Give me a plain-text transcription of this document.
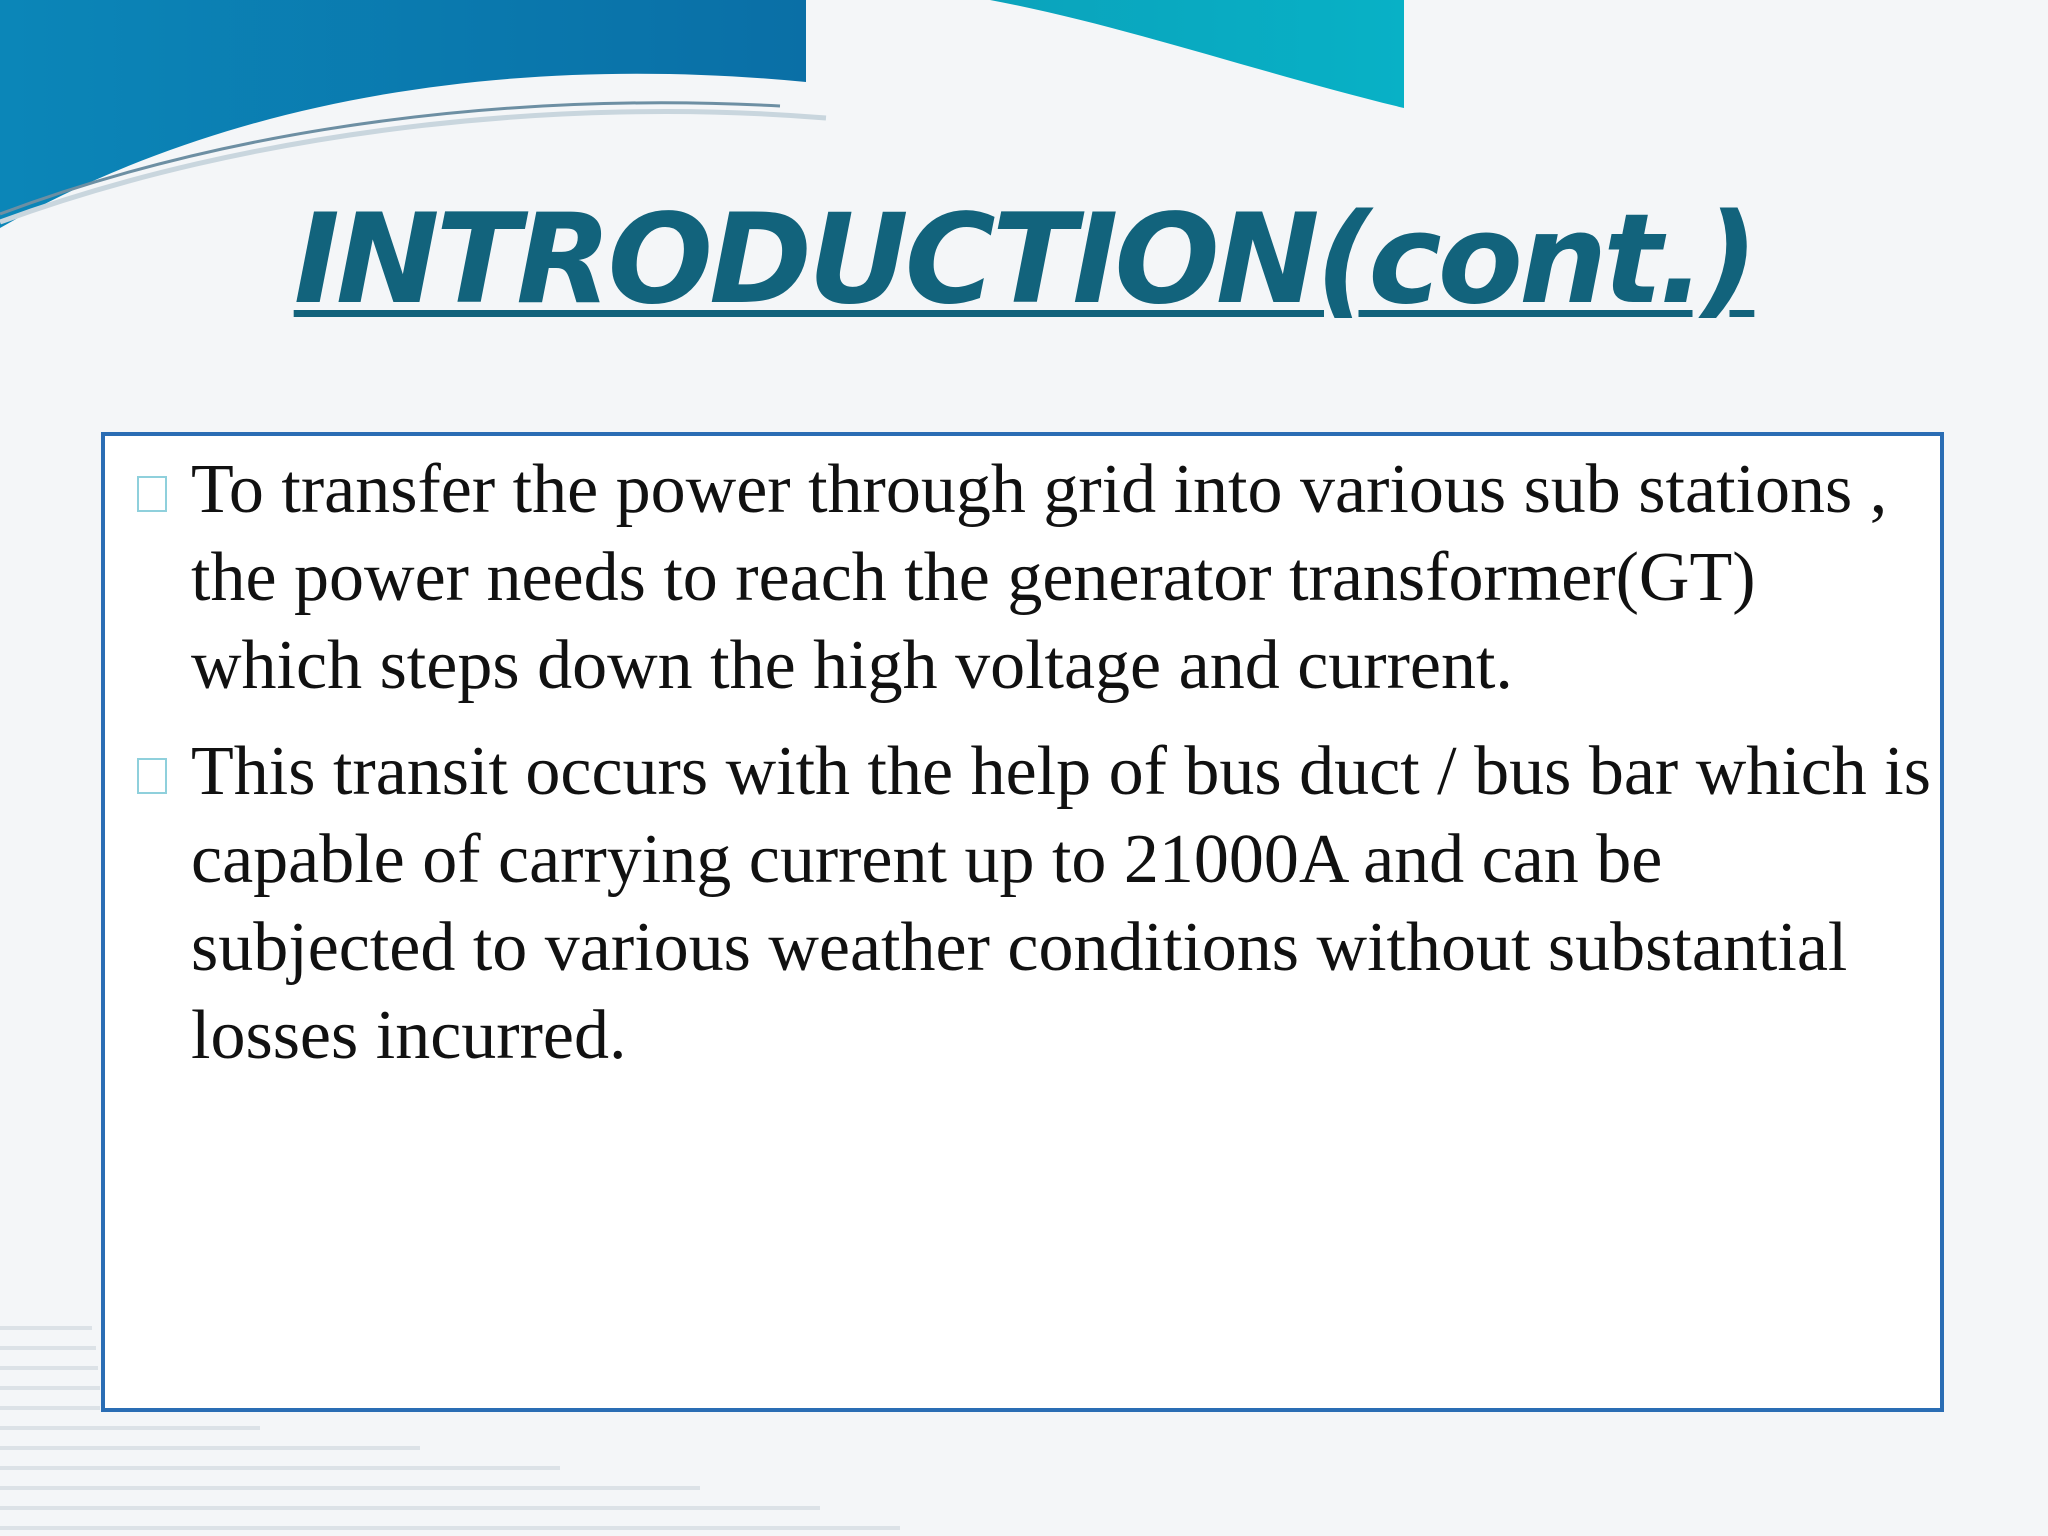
INTRODUCTION(cont.)
To transfer the power through grid into various sub stations , the power needs to reach the generator transformer(GT) which steps down the high voltage and current.
This transit occurs with the help of bus duct / bus bar which is capable of carrying current up to 21000A and can be subjected to various weather conditions without substantial losses incurred.
